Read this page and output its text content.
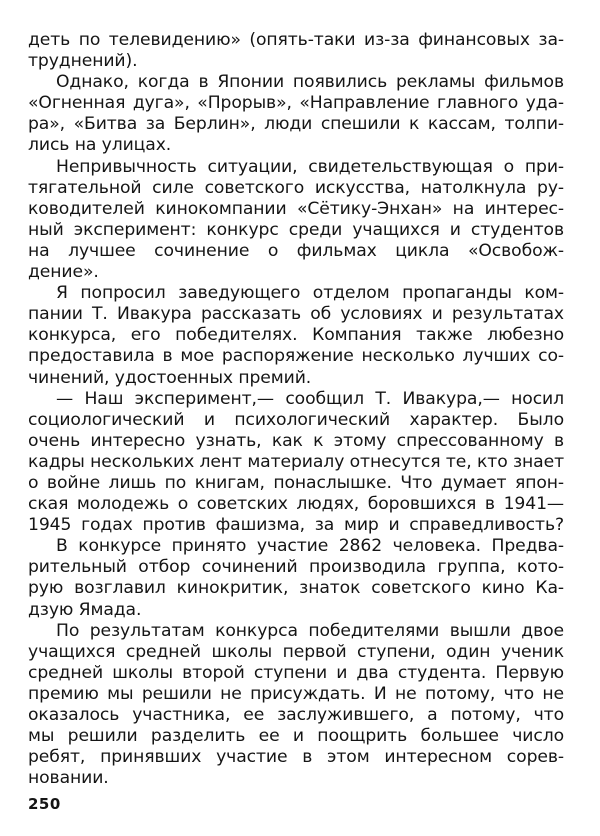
деть по телевидению» (опять-таки из-за финансовых за-
труднений).

Однако, когда в Японии появились рекламы фильмов
«Огненная дуга», «Прорыв», «Направление главного уда-
ра», «Битва за Берлин», люди спешили к кассам, толпи-
лись на улицах.

Непривычность ситуации, свидетельствующая о при-
тягательной силе советского искусства, натолкнула ру-
ководителей кинокомпании «Сётику-Энхан» на интерес-
ный эксперимент: конкурс среди учащихся и студентов
на лучшее сочинение о фильмах цикла «Освобож-
дение».

Я попросил заведующего отделом пропаганды ком-
пании Т. Ивакура рассказать об условиях и результатах
конкурса, его победителях. Компания также любезно
предоставила в мое распоряжение несколько лучших со-
чинений, удостоенных премий.

— Наш эксперимент,— сообщил Т. Ивакура,— носил
социологический и психологический характер. Было
очень интересно узнать, как к этому спрессованному в
кадры нескольких лент материалу отнесутся те, кто знает
о войне лишь по книгам, понаслышке. Что думает япон-
ская молодежь о советских людях, боровшихся в 1941—
1945 годах против фашизма, за мир и справедливость?
В конкурсе принято участие 2862 человека. Предва-
рительный отбор сочинений производила группа, кото-
рую возглавил кинокритик, знаток советского кино Ка-
дзую Ямада.

По результатам конкурса победителями вышли двое
учащихся средней школы первой ступени, один ученик
средней школы второй ступени и два студента. Первую
премию мы решили не присуждать. И не потому, что не
оказалось участника, ее заслужившего, а потому, что
мы решили разделить ее и поощрить большее число
ребят, принявших участие в этом интересном сорев-
новании.

250
